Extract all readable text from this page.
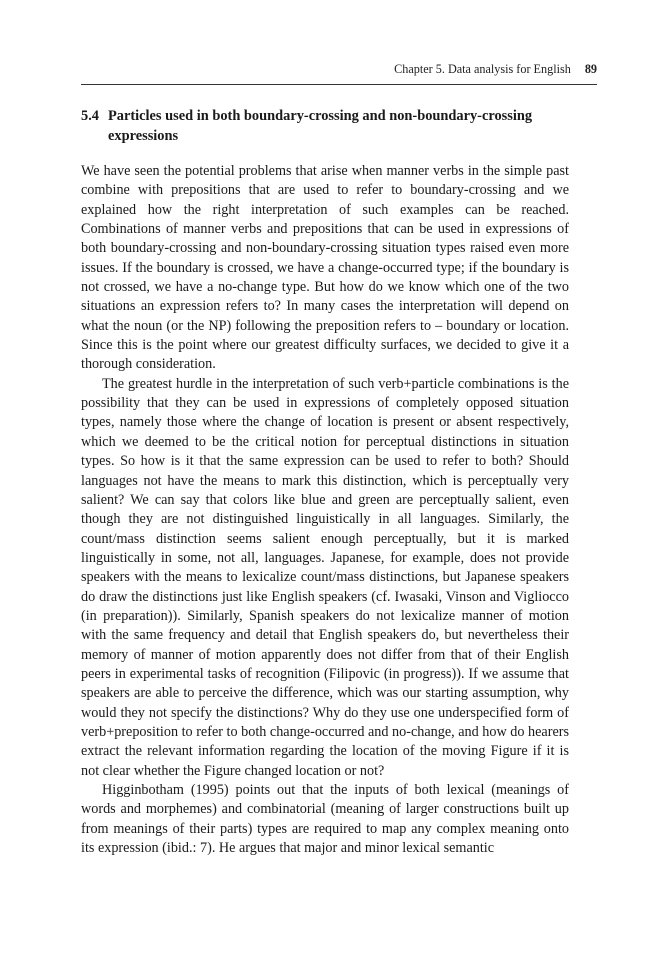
Chapter 5. Data analysis for English 89
5.4 Particles used in both boundary-crossing and non-boundary-crossing expressions

We have seen the potential problems that arise when manner verbs in the simple past combine with prepositions that are used to refer to boundary-crossing and we explained how the right interpretation of such examples can be reached. Combinations of manner verbs and prepositions that can be used in expressions of both boundary-crossing and non-boundary-crossing situation types raised even more issues. If the boundary is crossed, we have a change-occurred type; if the boundary is not crossed, we have a no-change type. But how do we know which one of the two situations an expression refers to? In many cases the interpretation will depend on what the noun (or the NP) following the preposition refers to – boundary or location. Since this is the point where our greatest difficulty surfaces, we decided to give it a thorough consideration.

The greatest hurdle in the interpretation of such verb+particle combinations is the possibility that they can be used in expressions of completely opposed situation types, namely those where the change of location is present or absent respectively, which we deemed to be the critical notion for perceptual distinctions in situation types. So how is it that the same expression can be used to refer to both? Should languages not have the means to mark this distinction, which is perceptually very salient? We can say that colors like blue and green are perceptually salient, even though they are not distinguished linguistically in all languages. Similarly, the count/mass distinction seems salient enough perceptually, but it is marked linguistically in some, not all, languages. Japanese, for example, does not provide speakers with the means to lexicalize count/mass distinctions, but Japanese speakers do draw the distinctions just like English speakers (cf. Iwasaki, Vinson and Vigliocco (in preparation)). Similarly, Spanish speakers do not lexicalize manner of motion with the same frequency and detail that English speakers do, but nevertheless their memory of manner of motion apparently does not differ from that of their English peers in experimental tasks of recognition (Filipovic (in progress)). If we assume that speakers are able to perceive the difference, which was our starting assumption, why would they not specify the distinctions? Why do they use one underspecified form of verb+preposition to refer to both change-occurred and no-change, and how do hearers extract the relevant information regarding the location of the moving Figure if it is not clear whether the Figure changed location or not?

Higginbotham (1995) points out that the inputs of both lexical (meanings of words and morphemes) and combinatorial (meaning of larger constructions built up from meanings of their parts) types are required to map any complex meaning onto its expression (ibid.: 7). He argues that major and minor lexical semantic
